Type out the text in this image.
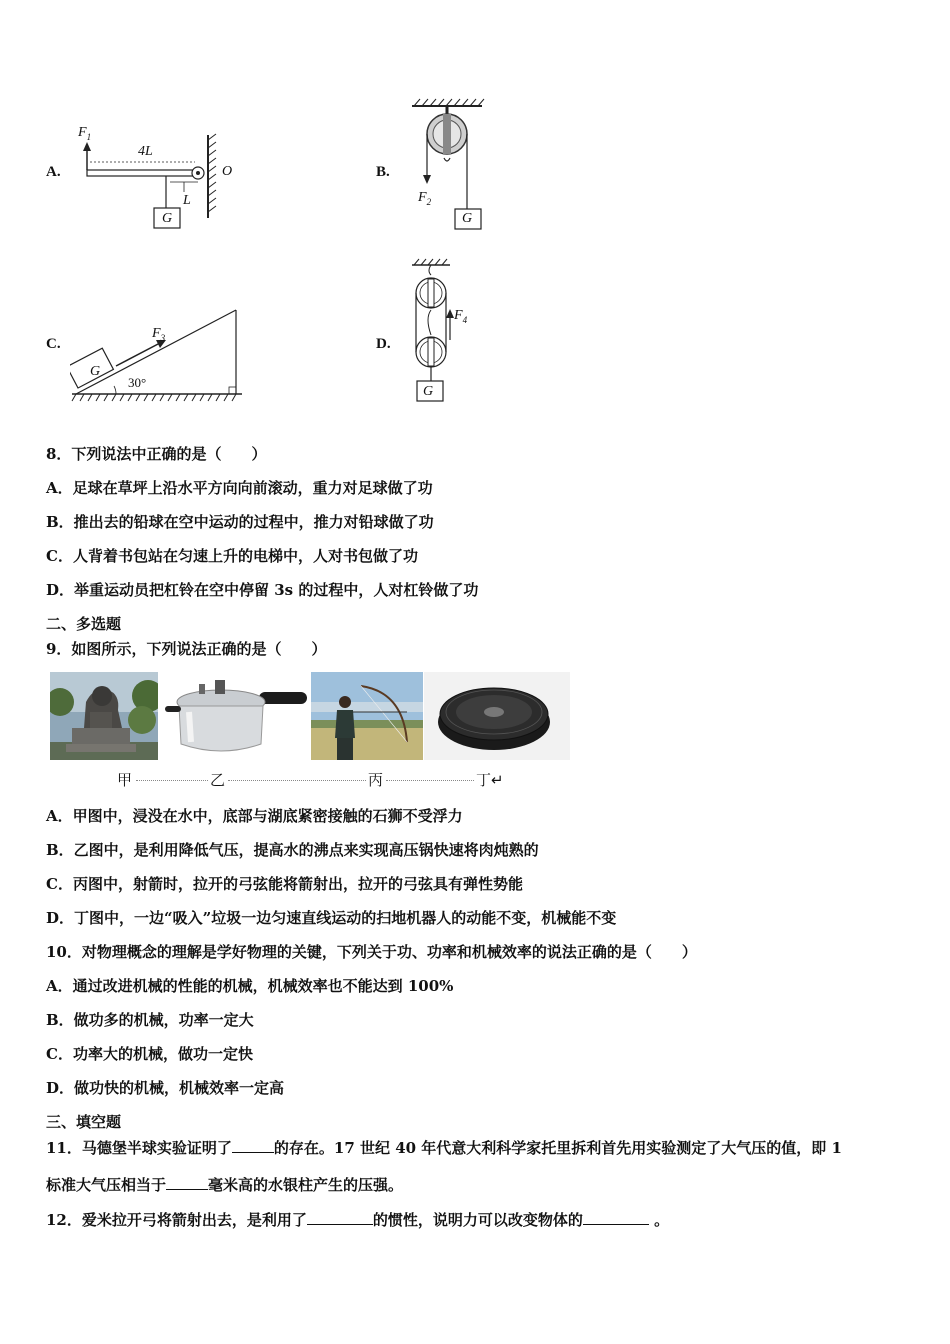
A.
$F_1$
4L
L
O
G
B.
$F_2$
G
C.
G
$F_3$
30°
D.
$F_4$
G
8．下列说法中正确的是（　　）
A．足球在草坪上沿水平方向向前滚动，重力对足球做了功
B．推出去的铅球在空中运动的过程中，推力对铅球做了功
C．人背着书包站在匀速上升的电梯中，人对书包做了功
D．举重运动员把杠铃在空中停留 3s 的过程中，人对杠铃做了功
二、多选题
9．如图所示，下列说法正确的是（　　）
甲	乙	丙	丁↵
A．甲图中，浸没在水中，底部与湖底紧密接触的石狮不受浮力
B．乙图中，是利用降低气压，提高水的沸点来实现高压锅快速将肉炖熟的
C．丙图中，射箭时，拉开的弓弦能将箭射出，拉开的弓弦具有弹性势能
D．丁图中，一边“吸入”垃圾一边匀速直线运动的扫地机器人的动能不变，机械能不变
10．对物理概念的理解是学好物理的关键，下列关于功、功率和机械效率的说法正确的是（　　）
A．通过改进机械的性能的机械，机械效率也不能达到 100%
B．做功多的机械，功率一定大
C．功率大的机械，做功一定快
D．做功快的机械，机械效率一定高
三、填空题
11．马德堡半球实验证明了	的存在。17 世纪 40 年代意大利科学家托里拆利首先用实验测定了大气压的值，即 1
标准大气压相当于	毫米高的水银柱产生的压强。
12．爱米拉开弓将箭射出去，是利用了	的惯性，说明力可以改变物体的	。
